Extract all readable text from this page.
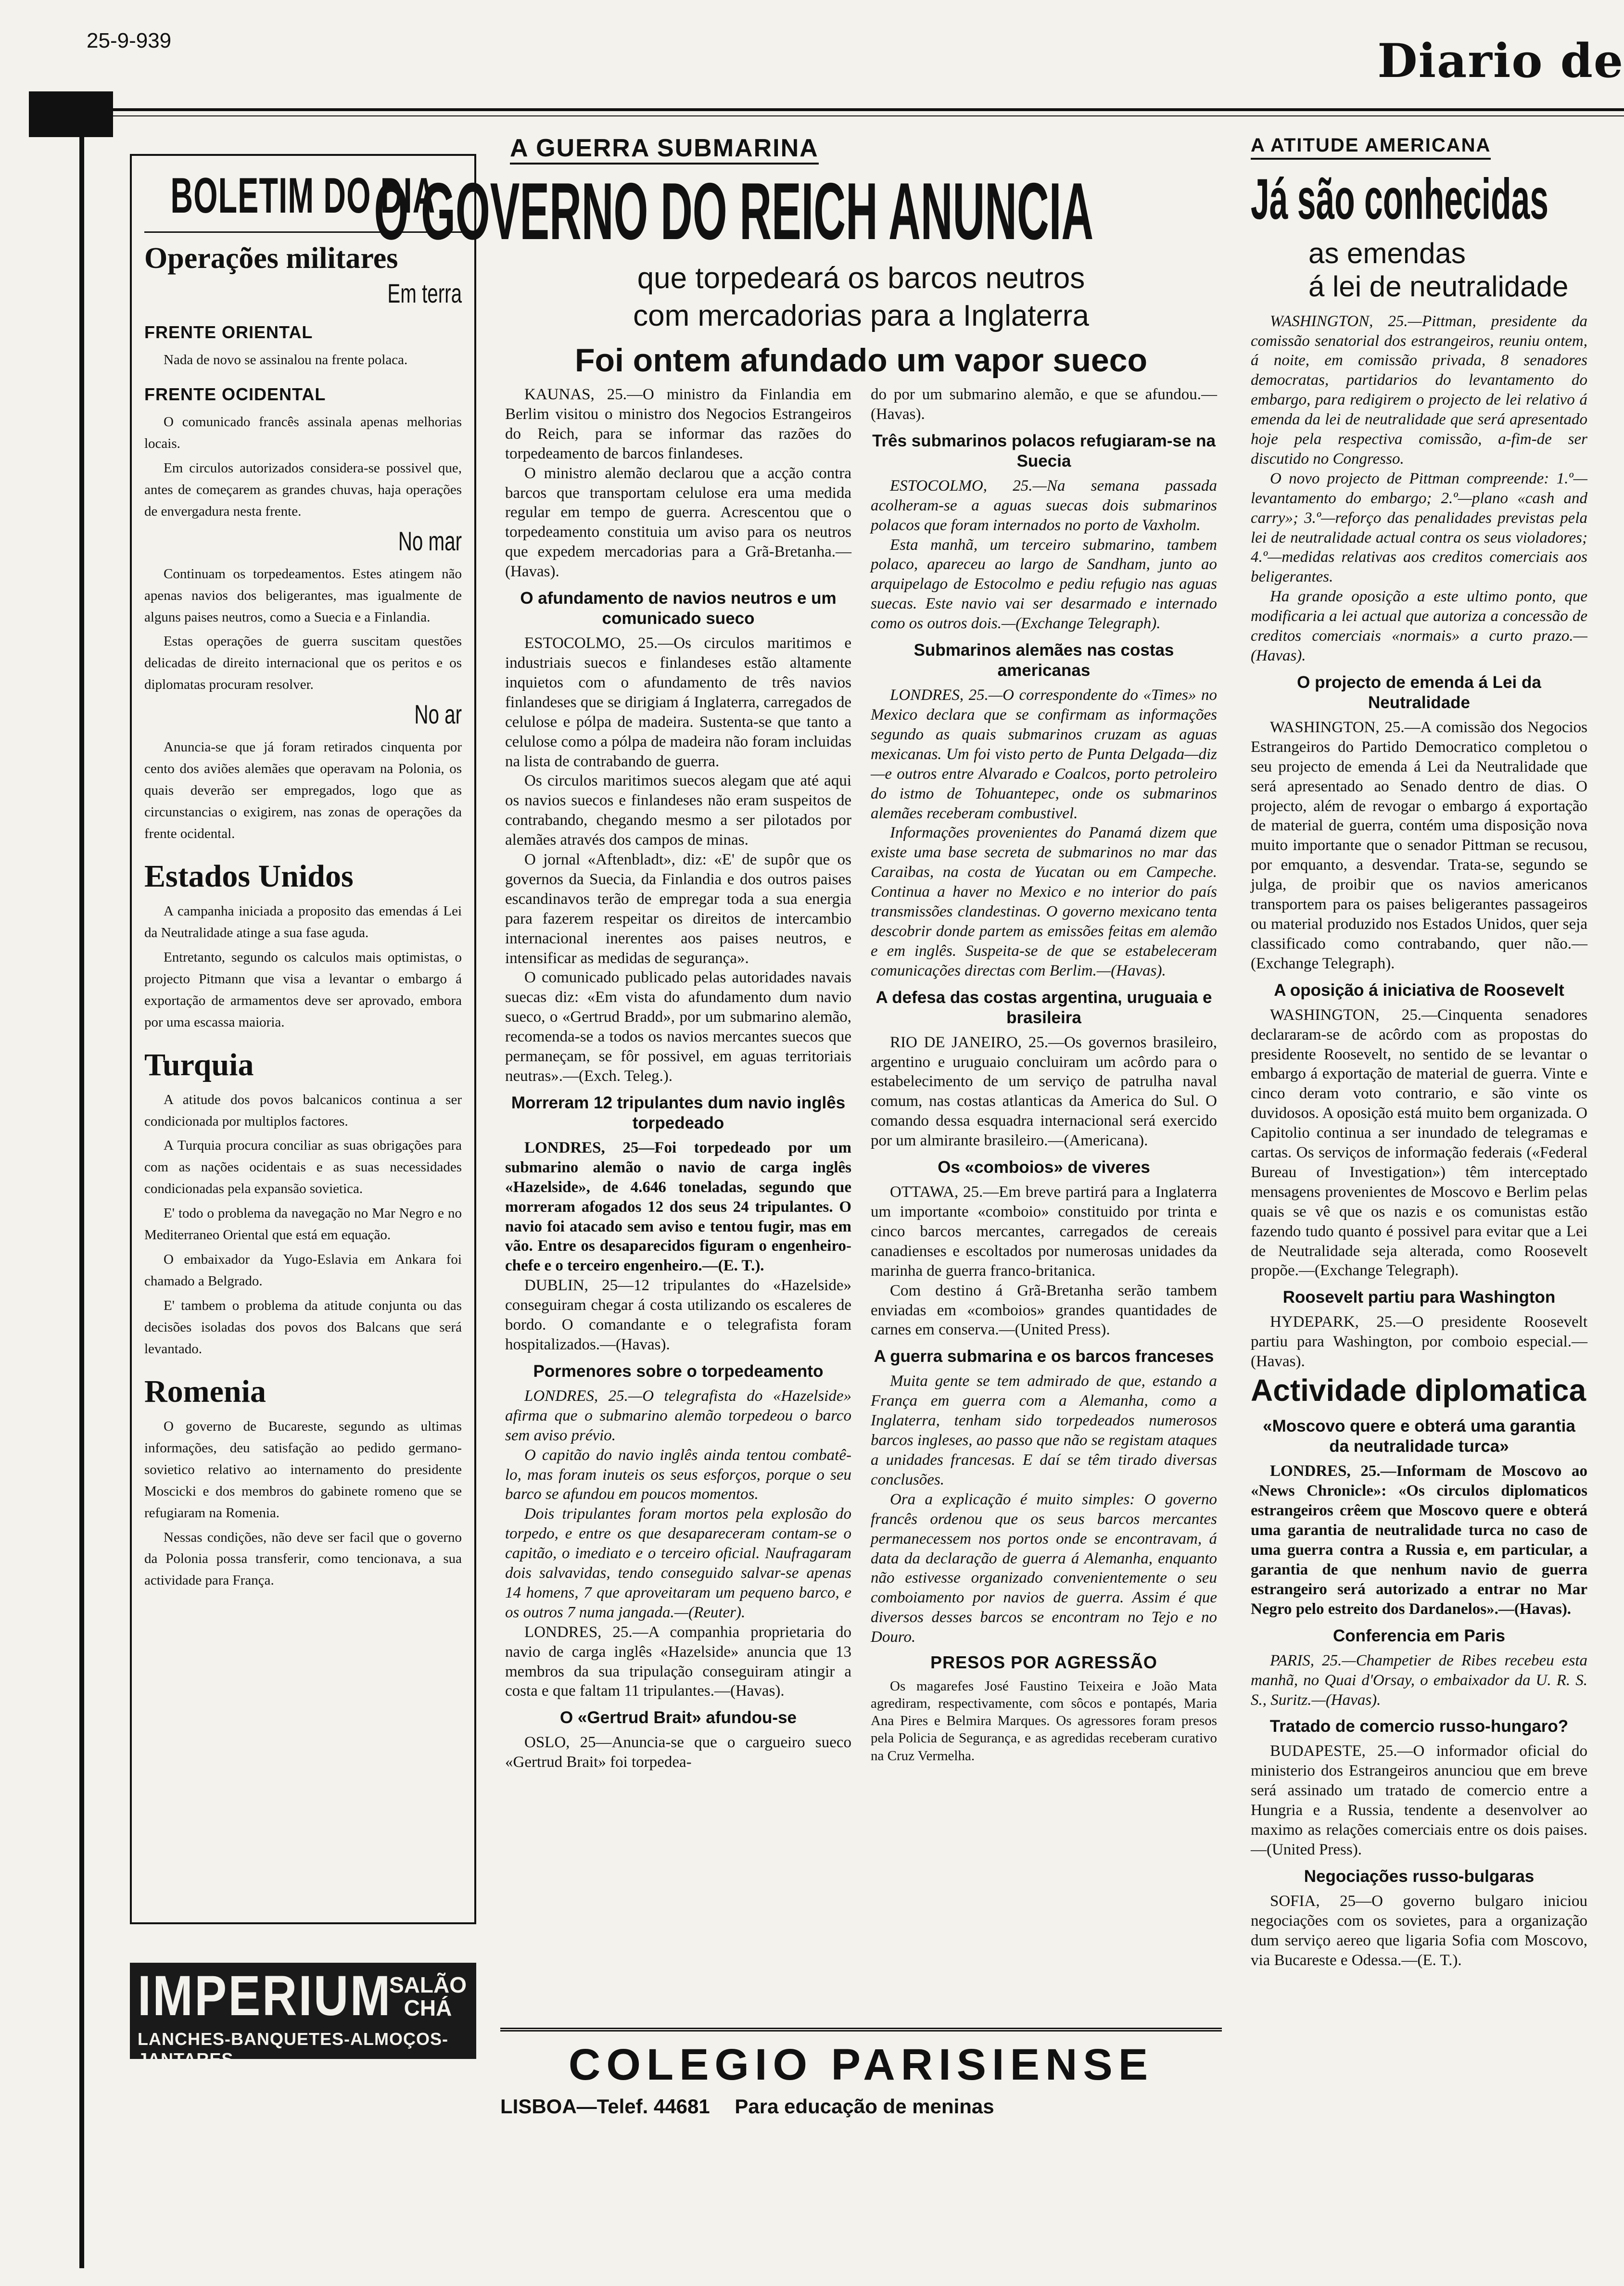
25-9-939	Diario de
BOLETIM DO DIA
Operações militares
Em terra
FRENTE ORIENTAL

Nada de novo se assinalou na frente polaca.

FRENTE OCIDENTAL

O comunicado francês assinala apenas melhorias locais.

Em circulos autorizados considera-se possivel que, antes de começarem as grandes chuvas, haja operações de envergadura nesta frente.

No mar

Continuam os torpedeamentos. Estes atingem não apenas navios dos beligerantes, mas igualmente de alguns paises neutros, como a Suecia e a Finlandia.

Estas operações de guerra suscitam questões delicadas de direito internacional que os peritos e os diplomatas procuram resolver.

No ar

Anuncia-se que já foram retirados cinquenta por cento dos aviões alemães que operavam na Polonia, os quais deverão ser empregados, logo que as circunstancias o exigirem, nas zonas de operações da frente ocidental.

Estados Unidos

A campanha iniciada a proposito das emendas á Lei da Neutralidade atinge a sua fase aguda.

Entretanto, segundo os calculos mais optimistas, o projecto Pitmann que visa a levantar o embargo á exportação de armamentos deve ser aprovado, embora por uma escassa maioria.

Turquia

A atitude dos povos balcanicos continua a ser condicionada por multiplos factores.

A Turquia procura conciliar as suas obrigações para com as nações ocidentais e as suas necessidades condicionadas pela expansão sovietica.

E' todo o problema da navegação no Mar Negro e no Mediterraneo Oriental que está em equação.

O embaixador da Yugo-Eslavia em Ankara foi chamado a Belgrado.

E' tambem o problema da atitude conjunta ou das decisões isoladas dos povos dos Balcans que será levantado.

Romenia

O governo de Bucareste, segundo as ultimas informações, deu satisfação ao pedido germano-sovietico relativo ao internamento do presidente Moscicki e dos membros do gabinete romeno que se refugiaram na Romenia.

Nessas condições, não deve ser facil que o governo da Polonia possa transferir, como tencionava, a sua actividade para França.

IMPERIUM
SALÃO
CHÁ
LANCHES-BANQUETES-ALMOÇOS-JANTARES
Rua S. Justa 105 - T. 27527
A GUERRA SUBMARINA
O GOVERNO DO REICH ANUNCIA
que torpedeará os barcos neutros
com mercadorias para a Inglaterra
Foi ontem afundado um vapor sueco

KAUNAS, 25.—O ministro da Finlandia em Berlim visitou o ministro dos Negocios Estrangeiros do Reich, para se informar das razões do torpedeamento de barcos finlandeses.

O ministro alemão declarou que a acção contra barcos que transportam celulose era uma medida regular em tempo de guerra. Acrescentou que o torpedeamento constituia um aviso para os neutros que expedem mercadorias para a Grã-Bretanha.—(Havas).

O afundamento de navios neutros e um comunicado sueco

ESTOCOLMO, 25.—Os circulos maritimos e industriais suecos e finlandeses estão altamente inquietos com o afundamento de três navios finlandeses que se dirigiam á Inglaterra, carregados de celulose e pólpa de madeira. Sustenta-se que tanto a celulose como a pólpa de madeira não foram incluidas na lista de contrabando de guerra.

Os circulos maritimos suecos alegam que até aqui os navios suecos e finlandeses não eram suspeitos de contrabando, chegando mesmo a ser pilotados por alemães através dos campos de minas.

O jornal «Aftenbladt», diz: «E' de supôr que os governos da Suecia, da Finlandia e dos outros paises escandinavos terão de empregar toda a sua energia para fazerem respeitar os direitos de intercambio internacional inerentes aos paises neutros, e intensificar as medidas de segurança».

O comunicado publicado pelas autoridades navais suecas diz: «Em vista do afundamento dum navio sueco, o «Gertrud Bradd», por um submarino alemão, recomenda-se a todos os navios mercantes suecos que permaneçam, se fôr possivel, em aguas territoriais neutras».—(Exch. Teleg.).

Morreram 12 tripulantes dum navio inglês torpedeado

LONDRES, 25—Foi torpedeado por um submarino alemão o navio de carga inglês «Hazelside», de 4.646 toneladas, segundo que morreram afogados 12 dos seus 24 tripulantes. O navio foi atacado sem aviso e tentou fugir, mas em vão. Entre os desaparecidos figuram o engenheiro-chefe e o terceiro engenheiro.—(E. T.).

DUBLIN, 25—12 tripulantes do «Hazelside» conseguiram chegar á costa utilizando os escaleres de bordo. O comandante e o telegrafista foram hospitalizados.—(Havas).

Pormenores sobre o torpedeamento

LONDRES, 25.—O telegrafista do «Hazelside» afirma que o submarino alemão torpedeou o barco sem aviso prévio.

O capitão do navio inglês ainda tentou combatê-lo, mas foram inuteis os seus esforços, porque o seu barco se afundou em poucos momentos.

Dois tripulantes foram mortos pela explosão do torpedo, e entre os que desapareceram contam-se o capitão, o imediato e o terceiro oficial. Naufragaram dois salvavidas, tendo conseguido salvar-se apenas 14 homens, 7 que aproveitaram um pequeno barco, e os outros 7 numa jangada.—(Reuter).

LONDRES, 25.—A companhia proprietaria do navio de carga inglês «Hazelside» anuncia que 13 membros da sua tripulação conseguiram atingir a costa e que faltam 11 tripulantes.—(Havas).

O «Gertrud Brait» afundou-se

OSLO, 25—Anuncia-se que o cargueiro sueco «Gertrud Brait» foi torpedea-

do por um submarino alemão, e que se afundou.—(Havas).

Três submarinos polacos refugiaram-se na Suecia

ESTOCOLMO, 25.—Na semana passada acolheram-se a aguas suecas dois submarinos polacos que foram internados no porto de Vaxholm.

Esta manhã, um terceiro submarino, tambem polaco, apareceu ao largo de Sandham, junto ao arquipelago de Estocolmo e pediu refugio nas aguas suecas. Este navio vai ser desarmado e internado como os outros dois.—(Exchange Telegraph).

Submarinos alemães nas costas americanas

LONDRES, 25.—O correspondente do «Times» no Mexico declara que se confirmam as informações segundo as quais submarinos cruzam as aguas mexicanas. Um foi visto perto de Punta Delgada—diz—e outros entre Alvarado e Coalcos, porto petroleiro do istmo de Tohuantepec, onde os submarinos alemães receberam combustivel.

Informações provenientes do Panamá dizem que existe uma base secreta de submarinos no mar das Caraibas, na costa de Yucatan ou em Campeche. Continua a haver no Mexico e no interior do país transmissões clandestinas. O governo mexicano tenta descobrir donde partem as emissões feitas em alemão e em inglês. Suspeita-se de que se estabeleceram comunicações directas com Berlim.—(Havas).

A defesa das costas argentina, uruguaia e brasileira

RIO DE JANEIRO, 25.—Os governos brasileiro, argentino e uruguaio concluiram um acôrdo para o estabelecimento de um serviço de patrulha naval comum, nas costas atlanticas da America do Sul. O comando dessa esquadra internacional será exercido por um almirante brasileiro.—(Americana).

Os «comboios» de viveres

OTTAWA, 25.—Em breve partirá para a Inglaterra um importante «comboio» constituido por trinta e cinco barcos mercantes, carregados de cereais canadienses e escoltados por numerosas unidades da marinha de guerra franco-britanica.

Com destino á Grã-Bretanha serão tambem enviadas em «comboios» grandes quantidades de carnes em conserva.—(United Press).

A guerra submarina e os barcos franceses

Muita gente se tem admirado de que, estando a França em guerra com a Alemanha, como a Inglaterra, tenham sido torpedeados numerosos barcos ingleses, ao passo que não se registam ataques a unidades francesas. E daí se têm tirado diversas conclusões.

Ora a explicação é muito simples: O governo francês ordenou que os seus barcos mercantes permanecessem nos portos onde se encontravam, á data da declaração de guerra á Alemanha, enquanto não estivesse organizado convenientemente o seu comboiamento por navios de guerra. Assim é que diversos desses barcos se encontram no Tejo e no Douro.

PRESOS POR AGRESSÃO

Os magarefes José Faustino Teixeira e João Mata agrediram, respectivamente, com sôcos e pontapés, Maria Ana Pires e Belmira Marques. Os agressores foram presos pela Policia de Segurança, e as agredidas receberam curativo na Cruz Vermelha.

COLEGIO PARISIENSE
LISBOA—Telef. 44681 Para educação de meninas
A ATITUDE AMERICANA
Já são conhecidas
as emendas
á lei de neutralidade

WASHINGTON, 25.—Pittman, presidente da comissão senatorial dos estrangeiros, reuniu ontem, á noite, em comissão privada, 8 senadores democratas, partidarios do levantamento do embargo, para redigirem o projecto de lei relativo á emenda da lei de neutralidade que será apresentado hoje pela respectiva comissão, a-fim-de ser discutido no Congresso.

O novo projecto de Pittman compreende: 1.º—levantamento do embargo; 2.º—plano «cash and carry»; 3.º—reforço das penalidades previstas pela lei de neutralidade actual contra os seus violadores; 4.º—medidas relativas aos creditos comerciais aos beligerantes.

Ha grande oposição a este ultimo ponto, que modificaria a lei actual que autoriza a concessão de creditos comerciais «normais» a curto prazo.—(Havas).

O projecto de emenda á Lei da Neutralidade

WASHINGTON, 25.—A comissão dos Negocios Estrangeiros do Partido Democratico completou o seu projecto de emenda á Lei da Neutralidade que será apresentado ao Senado dentro de dias. O projecto, além de revogar o embargo á exportação de material de guerra, contém uma disposição nova muito importante que o senador Pittman se recusou, por emquanto, a desvendar. Trata-se, segundo se julga, de proibir que os navios americanos transportem para os paises beligerantes passageiros ou material produzido nos Estados Unidos, quer seja classificado como contrabando, quer não.—(Exchange Telegraph).

A oposição á iniciativa de Roosevelt

WASHINGTON, 25.—Cinquenta senadores declararam-se de acôrdo com as propostas do presidente Roosevelt, no sentido de se levantar o embargo á exportação de material de guerra. Vinte e cinco deram voto contrario, e são vinte os duvidosos. A oposição está muito bem organizada. O Capitolio continua a ser inundado de telegramas e cartas. Os serviços de informação federais («Federal Bureau of Investigation») têm interceptado mensagens provenientes de Moscovo e Berlim pelas quais se vê que os nazis e os comunistas estão fazendo tudo quanto é possivel para evitar que a Lei de Neutralidade seja alterada, como Roosevelt propõe.—(Exchange Telegraph).

Roosevelt partiu para Washington

HYDEPARK, 25.—O presidente Roosevelt partiu para Washington, por comboio especial.—(Havas).

Actividade diplomatica
«Moscovo quere e obterá uma garantia da neutralidade turca»

LONDRES, 25.—Informam de Moscovo ao «News Chronicle»: «Os circulos diplomaticos estrangeiros crêem que Moscovo quere e obterá uma garantia de neutralidade turca no caso de uma guerra contra a Russia e, em particular, a garantia de que nenhum navio de guerra estrangeiro será autorizado a entrar no Mar Negro pelo estreito dos Dardanelos».—(Havas).

Conferencia em Paris

PARIS, 25.—Champetier de Ribes recebeu esta manhã, no Quai d'Orsay, o embaixador da U. R. S. S., Suritz.—(Havas).

Tratado de comercio russo-hungaro?

BUDAPESTE, 25.—O informador oficial do ministerio dos Estrangeiros anunciou que em breve será assinado um tratado de comercio entre a Hungria e a Russia, tendente a desenvolver ao maximo as relações comerciais entre os dois paises.—(United Press).

Negociações russo-bulgaras

SOFIA, 25—O governo bulgaro iniciou negociações com os sovietes, para a organização dum serviço aereo que ligaria Sofia com Moscovo, via Bucareste e Odessa.—(E. T.).
